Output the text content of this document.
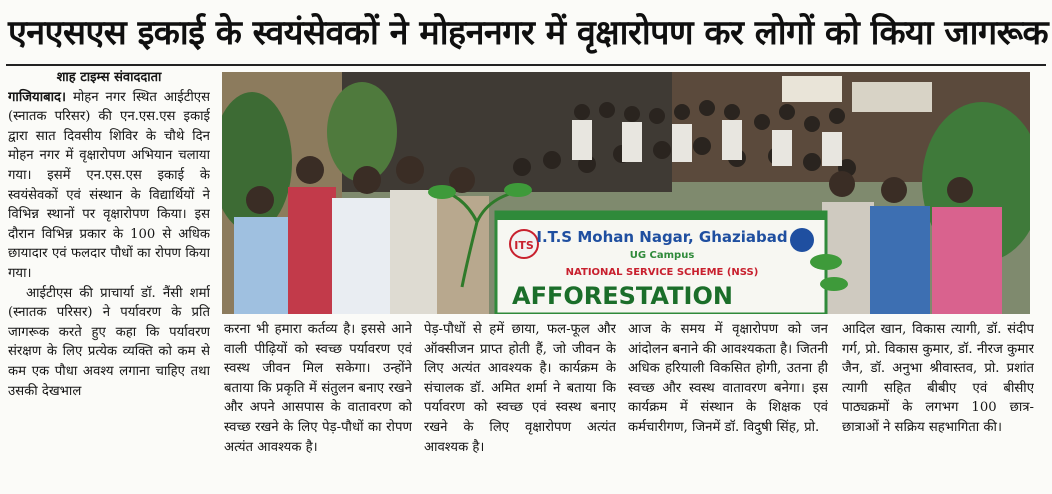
एनएसएस इकाई के स्वयंसेवकों ने मोहननगर में वृक्षारोपण कर लोगों को किया जागरूक

शाह टाइम्स संवाददाता

गाजियाबाद। मोहन नगर स्थित आईटीएस (स्नातक परिसर) की एन.एस.एस इकाई द्वारा सात दिवसीय शिविर के चौथे दिन मोहन नगर में वृक्षारोपण अभियान चलाया गया। इसमें एन.एस.एस इकाई के स्वयंसेवकों एवं संस्थान के विद्यार्थियों ने विभिन्न स्थानों पर वृक्षारोपण किया। इस दौरान विभिन्न प्रकार के 100 से अधिक छायादार एवं फलदार पौधों का रोपण किया गया।

आईटीएस की प्राचार्या डॉ. नैंसी शर्मा (स्नातक परिसर) ने पर्यावरण के प्रति जागरूक करते हुए कहा कि पर्यावरण संरक्षण के लिए प्रत्येक व्यक्ति को कम से कम एक पौधा अवश्य लगाना चाहिए तथा उसकी देखभाल

ITS I.T.S Mohan Nagar, Ghaziabad
UG Campus
NATIONAL SERVICE SCHEME (NSS)
AFFORESTATION

करना भी हमारा कर्तव्य है। इससे आने वाली पीढ़ियों को स्वच्छ पर्यावरण एवं स्वस्थ जीवन मिल सकेगा। उन्होंने बताया कि प्रकृति में संतुलन बनाए रखने और अपने आसपास के वातावरण को स्वच्छ रखने के लिए पेड़-पौधों का रोपण अत्यंत आवश्यक है।

पेड़-पौधों से हमें छाया, फल-फूल और ऑक्सीजन प्राप्त होती हैं, जो जीवन के लिए अत्यंत आवश्यक है। कार्यक्रम के संचालक डॉ. अमित शर्मा ने बताया कि पर्यावरण को स्वच्छ एवं स्वस्थ बनाए रखने के लिए वृक्षारोपण अत्यंत आवश्यक है।

आज के समय में वृक्षारोपण को जन आंदोलन बनाने की आवश्यकता है। जितनी अधिक हरियाली विकसित होगी, उतना ही स्वच्छ और स्वस्थ वातावरण बनेगा। इस कार्यक्रम में संस्थान के शिक्षक एवं कर्मचारीगण, जिनमें डॉ. विदुषी सिंह, प्रो.

आदिल खान, विकास त्यागी, डॉ. संदीप गर्ग, प्रो. विकास कुमार, डॉ. नीरज कुमार जैन, डॉ. अनुभा श्रीवास्तव, प्रो. प्रशांत त्यागी सहित बीबीए एवं बीसीए पाठ्यक्रमों के लगभग 100 छात्र-छात्राओं ने सक्रिय सहभागिता की।
